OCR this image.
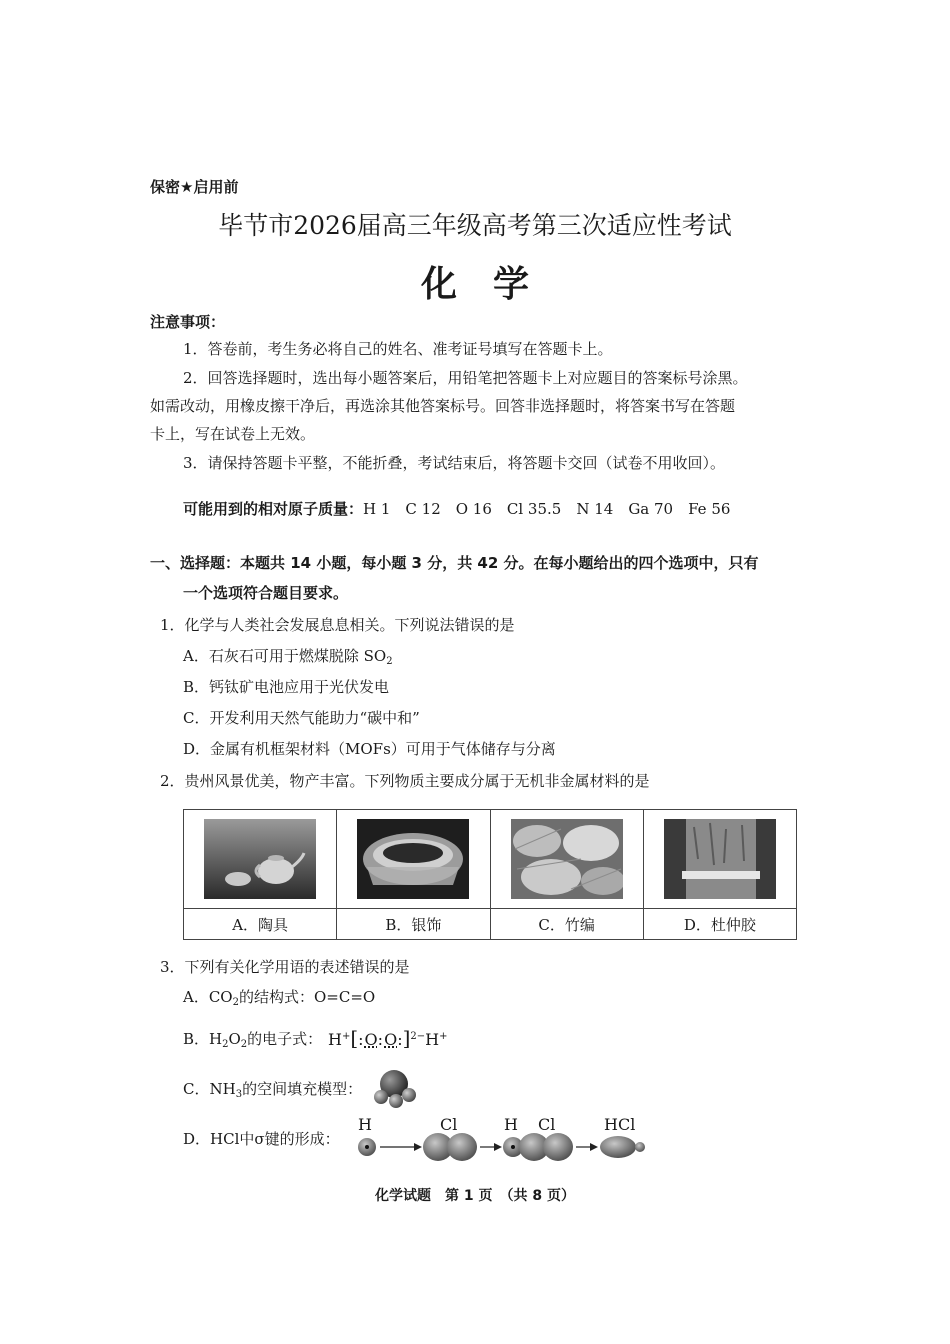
保密★启用前
毕节市2026届高三年级高考第三次适应性考试
化　学
注意事项：
1．答卷前，考生务必将自己的姓名、准考证号填写在答题卡上。
2．回答选择题时，选出每小题答案后，用铅笔把答题卡上对应题目的答案标号涂黑。
如需改动，用橡皮擦干净后，再选涂其他答案标号。回答非选择题时，将答案书写在答题
卡上，写在试卷上无效。
3．请保持答题卡平整，不能折叠，考试结束后，将答题卡交回（试卷不用收回）。
可能用到的相对原子质量：H 1　C 12　O 16　Cl 35.5　N 14　Ga 70　Fe 56
一、选择题：本题共 14 小题，每小题 3 分，共 42 分。在每小题给出的四个选项中，只有
一个选项符合题目要求。
1．化学与人类社会发展息息相关。下列说法错误的是
A．石灰石可用于燃煤脱除 $SO_2$
B．钙钛矿电池应用于光伏发电
C．开发利用天然气能助力“碳中和”
D．金属有机框架材料（MOFs）可用于气体储存与分离
2．贵州风景优美，物产丰富。下列物质主要成分属于无机非金属材料的是

A．陶具	B．银饰	C．竹编	D．杜仲胶
3．下列有关化学用语的表述错误的是
A．$CO_2$的结构式：O=C=O
B．$H_2O_2$的电子式： H+[:O:O:]$^{2-}$H+
C．$NH_3$的空间填充模型：
D．HCl中σ键的形成：
H	Cl	H Cl	HCl
化学试题　第 1 页　（共 8 页）
